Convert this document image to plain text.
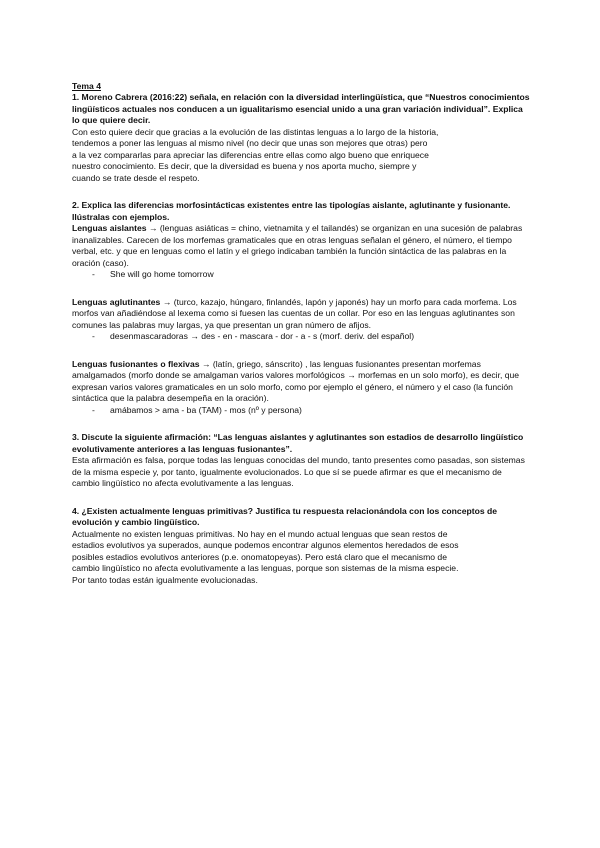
Tema 4

1. Moreno Cabrera (2016:22) señala, en relación con la diversidad interlingüística, que “Nuestros conocimientos lingüísticos actuales nos conducen a un igualitarismo esencial unido a una gran variación individual”. Explica lo que quiere decir.

Con esto quiere decir que gracias a la evolución de las distintas lenguas a lo largo de la historia,
tendemos a poner las lenguas al mismo nivel (no decir que unas son mejores que otras) pero
a la vez compararlas para apreciar las diferencias entre ellas como algo bueno que enriquece
nuestro conocimiento. Es decir, que la diversidad es buena y nos aporta mucho, siempre y
cuando se trate desde el respeto.

2. Explica las diferencias morfosintácticas existentes entre las tipologías aislante, aglutinante y fusionante. Ilústralas con ejemplos.

Lenguas aislantes → (lenguas asiáticas = chino, vietnamita y el tailandés) se organizan en una sucesión de palabras inanalizables. Carecen de los morfemas gramaticales que en otras lenguas señalan el género, el número, el tiempo verbal, etc. y que en lenguas como el latín y el griego indicaban también la función sintáctica de las palabras en la oración (caso).

-	She will go home tomorrow

Lenguas aglutinantes → (turco, kazajo, húngaro, finlandés, lapón y japonés) hay un morfo para cada morfema. Los morfos van añadiéndose al lexema como si fuesen las cuentas de un collar. Por eso en las lenguas aglutinantes son comunes las palabras muy largas, ya que presentan un gran número de afijos.

-	desenmascaradoras → des - en - mascara - dor - a - s (morf. deriv. del español)

Lenguas fusionantes o flexivas → (latín, griego, sánscrito) , las lenguas fusionantes presentan morfemas amalgamados (morfo donde se amalgaman varios valores morfológicos → morfemas en un solo morfo), es decir, que expresan varios valores gramaticales en un solo morfo, como por ejemplo el género, el número y el caso (la función sintáctica que la palabra desempeña en la oración).

-	amábamos > ama - ba (TAM) - mos (nº y persona)

3. Discute la siguiente afirmación: “Las lenguas aislantes y aglutinantes son estadios de desarrollo lingüístico evolutivamente anteriores a las lenguas fusionantes”.

Esta afirmación es falsa, porque todas las lenguas conocidas del mundo, tanto presentes como pasadas, son sistemas de la misma especie y, por tanto, igualmente evolucionados. Lo que sí se puede afirmar es que el mecanismo de cambio lingüístico no afecta evolutivamente a las lenguas.

4. ¿Existen actualmente lenguas primitivas? Justifica tu respuesta relacionándola con los conceptos de evolución y cambio lingüístico.

Actualmente no existen lenguas primitivas. No hay en el mundo actual lenguas que sean restos de
estadios evolutivos ya superados, aunque podemos encontrar algunos elementos heredados de esos
posibles estadios evolutivos anteriores (p.e. onomatopeyas). Pero está claro que el mecanismo de
cambio lingüístico no afecta evolutivamente a las lenguas, porque son sistemas de la misma especie.
Por tanto todas están igualmente evolucionadas.
